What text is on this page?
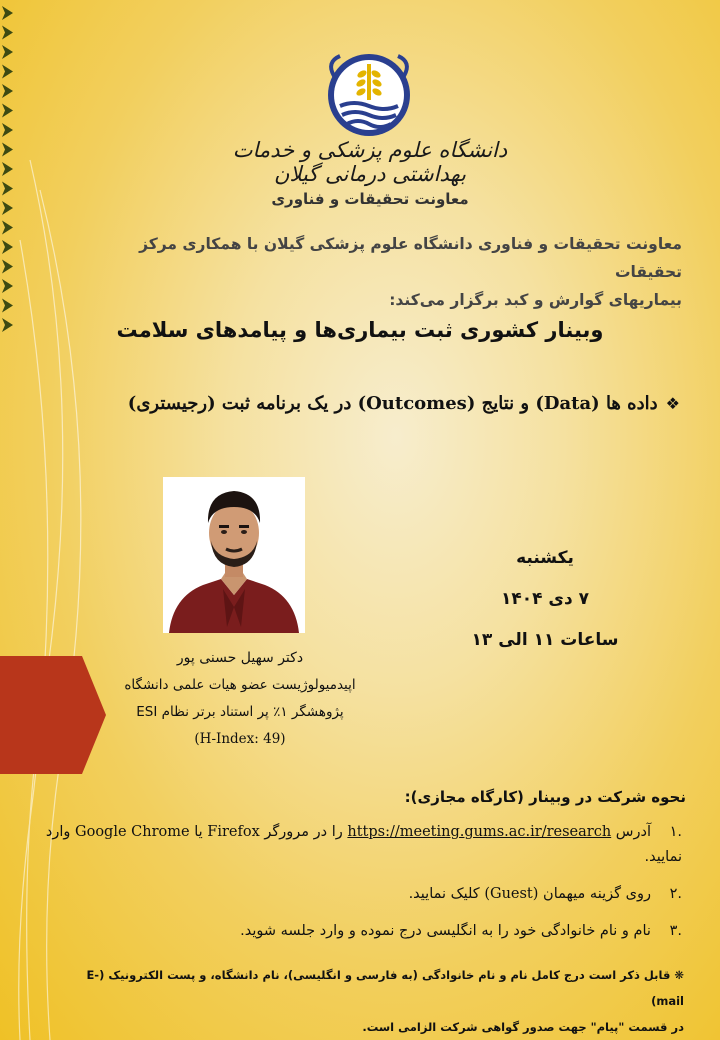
دانشگاه علوم پزشکی و خدمات بهداشتی درمانی گیلان
معاونت تحقیقات و فناوری
معاونت تحقیقات و فناوری دانشگاه علوم پزشکی گیلان با همکاری مرکز تحقیقات
بیماریهای گوارش و کبد برگزار می‌کند:
وبینار کشوری ثبت بیماری‌ها و پیامدهای سلامت
❖داده ها (Data) و نتایج (Outcomes) در یک برنامه ثبت (رجیستری)
یکشنبه
۷ دی ۱۴۰۴
ساعات ۱۱ الی ۱۳
دکتر سهیل حسنی پور
اپیدمیولوژیست عضو هیات علمی دانشگاه
پژوهشگر ۱٪ پر استناد برتر نظام ESI
(H-Index: 49)
نحوه شرکت در وبینار (کارگاه مجازی):
.۱ آدرس https://meeting.gums.ac.ir/research را در مرورگر Firefox یا Google Chrome وارد نمایید.
.۲ روی گزینه میهمان (Guest) کلیک نمایید.
.۳ نام و نام خانوادگی خود را به انگلیسی درج نموده و وارد جلسه شوید.
❋ قابل ذکر است درج کامل نام و نام خانوادگی (به فارسی و انگلیسی)، نام دانشگاه، و پست الکترونیک (E-mail)
در قسمت "پیام" جهت صدور گواهی شرکت الزامی است.
